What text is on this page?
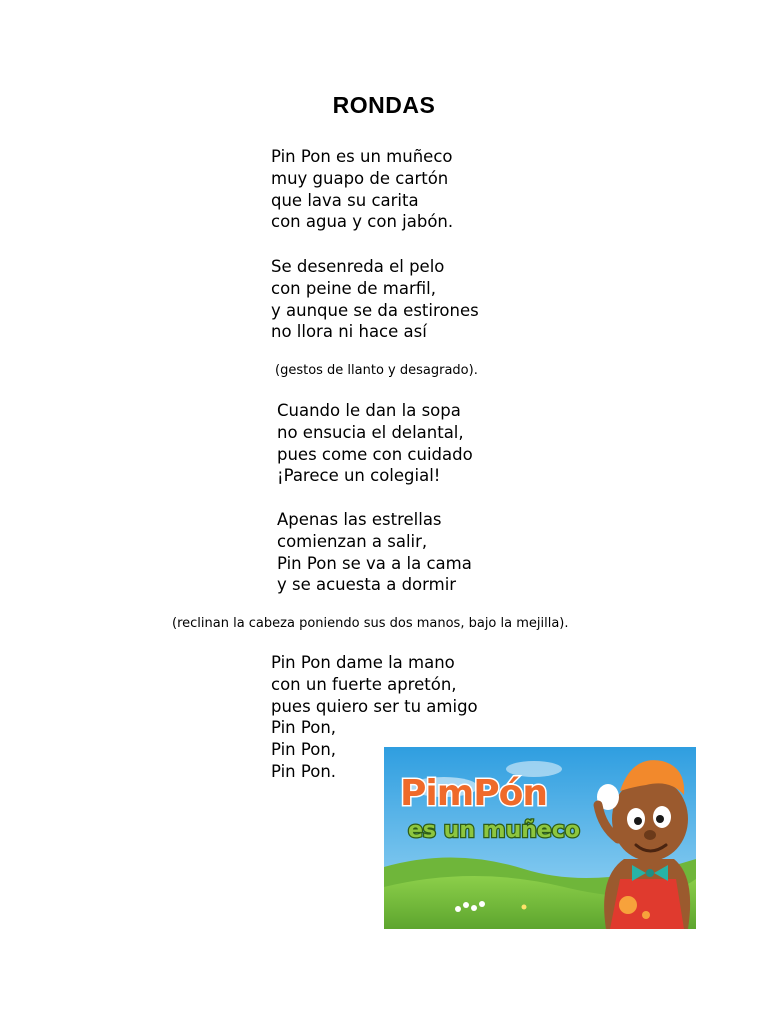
RONDAS
Pin Pon es un muñeco
muy guapo de cartón
que lava su carita
con agua y con jabón.
Se desenreda el pelo
con peine de marfil,
y aunque se da estirones
no llora ni hace así
(gestos de llanto y desagrado).
Cuando le dan la sopa
no ensucia el delantal,
pues come con cuidado
¡Parece un colegial!
Apenas las estrellas
comienzan a salir,
Pin Pon se va a la cama
y se acuesta a dormir
(reclinan la cabeza poniendo sus dos manos, bajo la mejilla).
Pin Pon dame la mano
con un fuerte apretón,
pues quiero ser tu amigo
Pin Pon,
Pin Pon,
Pin Pon.
PimPón
es un muñeco
